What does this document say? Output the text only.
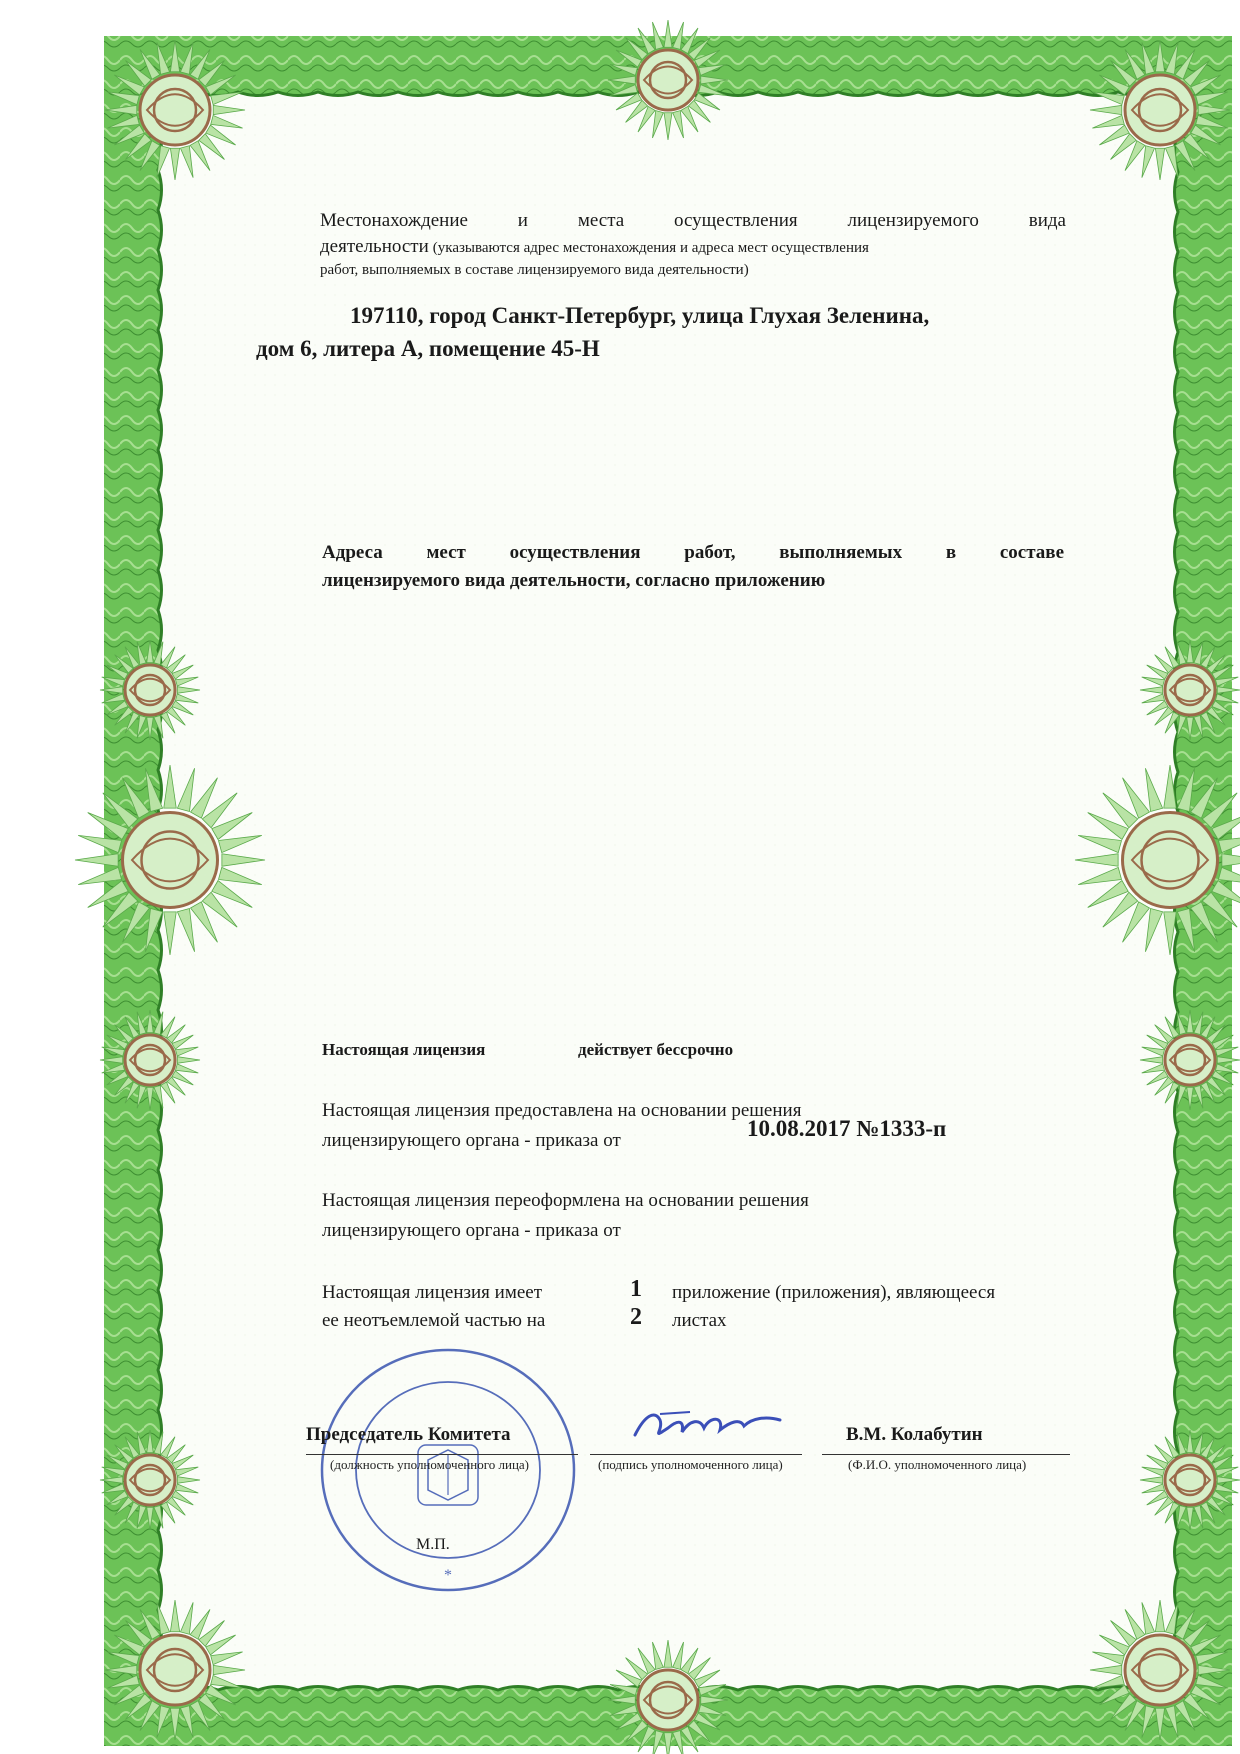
Местонахождение и места осуществления лицензируемого вида

деятельности (указываются адрес местонахождения и адреса мест осуществления

работ, выполняемых в составе лицензируемого вида деятельности)

197110, город Санкт-Петербург, улица Глухая Зеленина,

дом 6, литера А, помещение 45-Н

Адреса мест осуществления работ, выполняемых в составе

лицензируемого вида деятельности, согласно приложению

Настоящая лицензия	действует бессрочно

Настоящая лицензия предоставлена на основании решения

лицензирующего органа - приказа от	10.08.2017 №1333-п

Настоящая лицензия переоформлена на основании решения

лицензирующего органа - приказа от

Настоящая лицензия имеет	1 приложение (приложения), являющееся

ее неотъемлемой частью на	2 листах

*

Председатель Комитета

(должность уполномоченного лица)	(подпись уполномоченного лица)

В.М. Колабутин

(Ф.И.О. уполномоченного лица)

М.П.
